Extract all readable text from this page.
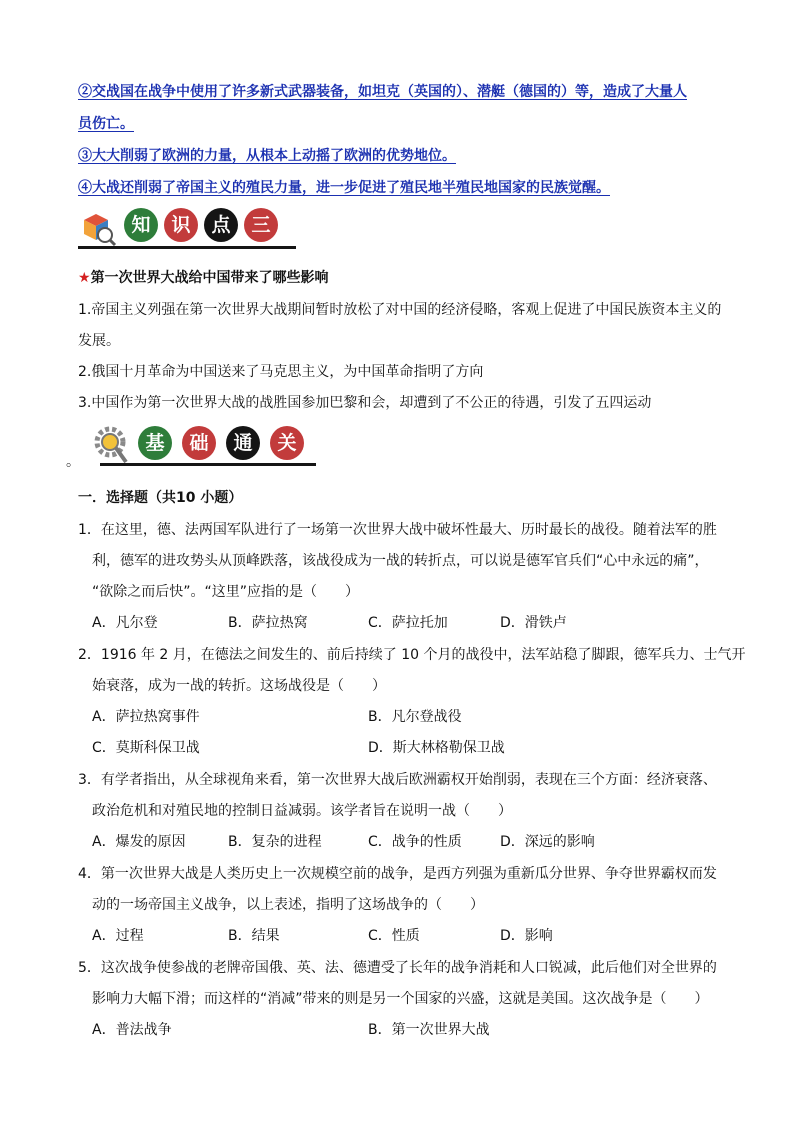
②交战国在战争中使用了许多新式武器装备，如坦克（英国的）、潜艇（德国的）等，造成了大量人
员伤亡。
③大大削弱了欧洲的力量，从根本上动摇了欧洲的优势地位。
④大战还削弱了帝国主义的殖民力量，进一步促进了殖民地半殖民地国家的民族觉醒。
知	识	点	三
★第一次世界大战给中国带来了哪些影响
1.帝国主义列强在第一次世界大战期间暂时放松了对中国的经济侵略，客观上促进了中国民族资本主义的
发展。
2.俄国十月革命为中国送来了马克思主义，为中国革命指明了方向
3.中国作为第一次世界大战的战胜国参加巴黎和会，却遭到了不公正的待遇，引发了五四运动
基	础	通	关
。
一．选择题（共10 小题）
1．在这里，德、法两国军队进行了一场第一次世界大战中破坏性最大、历时最长的战役。随着法军的胜
利，德军的进攻势头从顶峰跌落，该战役成为一战的转折点，可以说是德军官兵们“心中永远的痛”，
“欲除之而后快”。“这里”应指的是（　　）
A．凡尔登	B．萨拉热窝	C．萨拉托加	D．滑铁卢
2．1916 年 2 月，在德法之间发生的、前后持续了 10 个月的战役中，法军站稳了脚跟，德军兵力、士气开
始衰落，成为一战的转折。这场战役是（　　）
A．萨拉热窝事件	B．凡尔登战役
C．莫斯科保卫战	D．斯大林格勒保卫战
3．有学者指出，从全球视角来看，第一次世界大战后欧洲霸权开始削弱，表现在三个方面：经济衰落、
政治危机和对殖民地的控制日益减弱。该学者旨在说明一战（　　）
A．爆发的原因	B．复杂的进程	C．战争的性质	D．深远的影响
4．第一次世界大战是人类历史上一次规模空前的战争，是西方列强为重新瓜分世界、争夺世界霸权而发
动的一场帝国主义战争，以上表述，指明了这场战争的（　　）
A．过程	B．结果	C．性质	D．影响
5．这次战争使参战的老牌帝国俄、英、法、德遭受了长年的战争消耗和人口锐减，此后他们对全世界的
影响力大幅下滑；而这样的“消减”带来的则是另一个国家的兴盛，这就是美国。这次战争是（　　）
A．普法战争	B．第一次世界大战
